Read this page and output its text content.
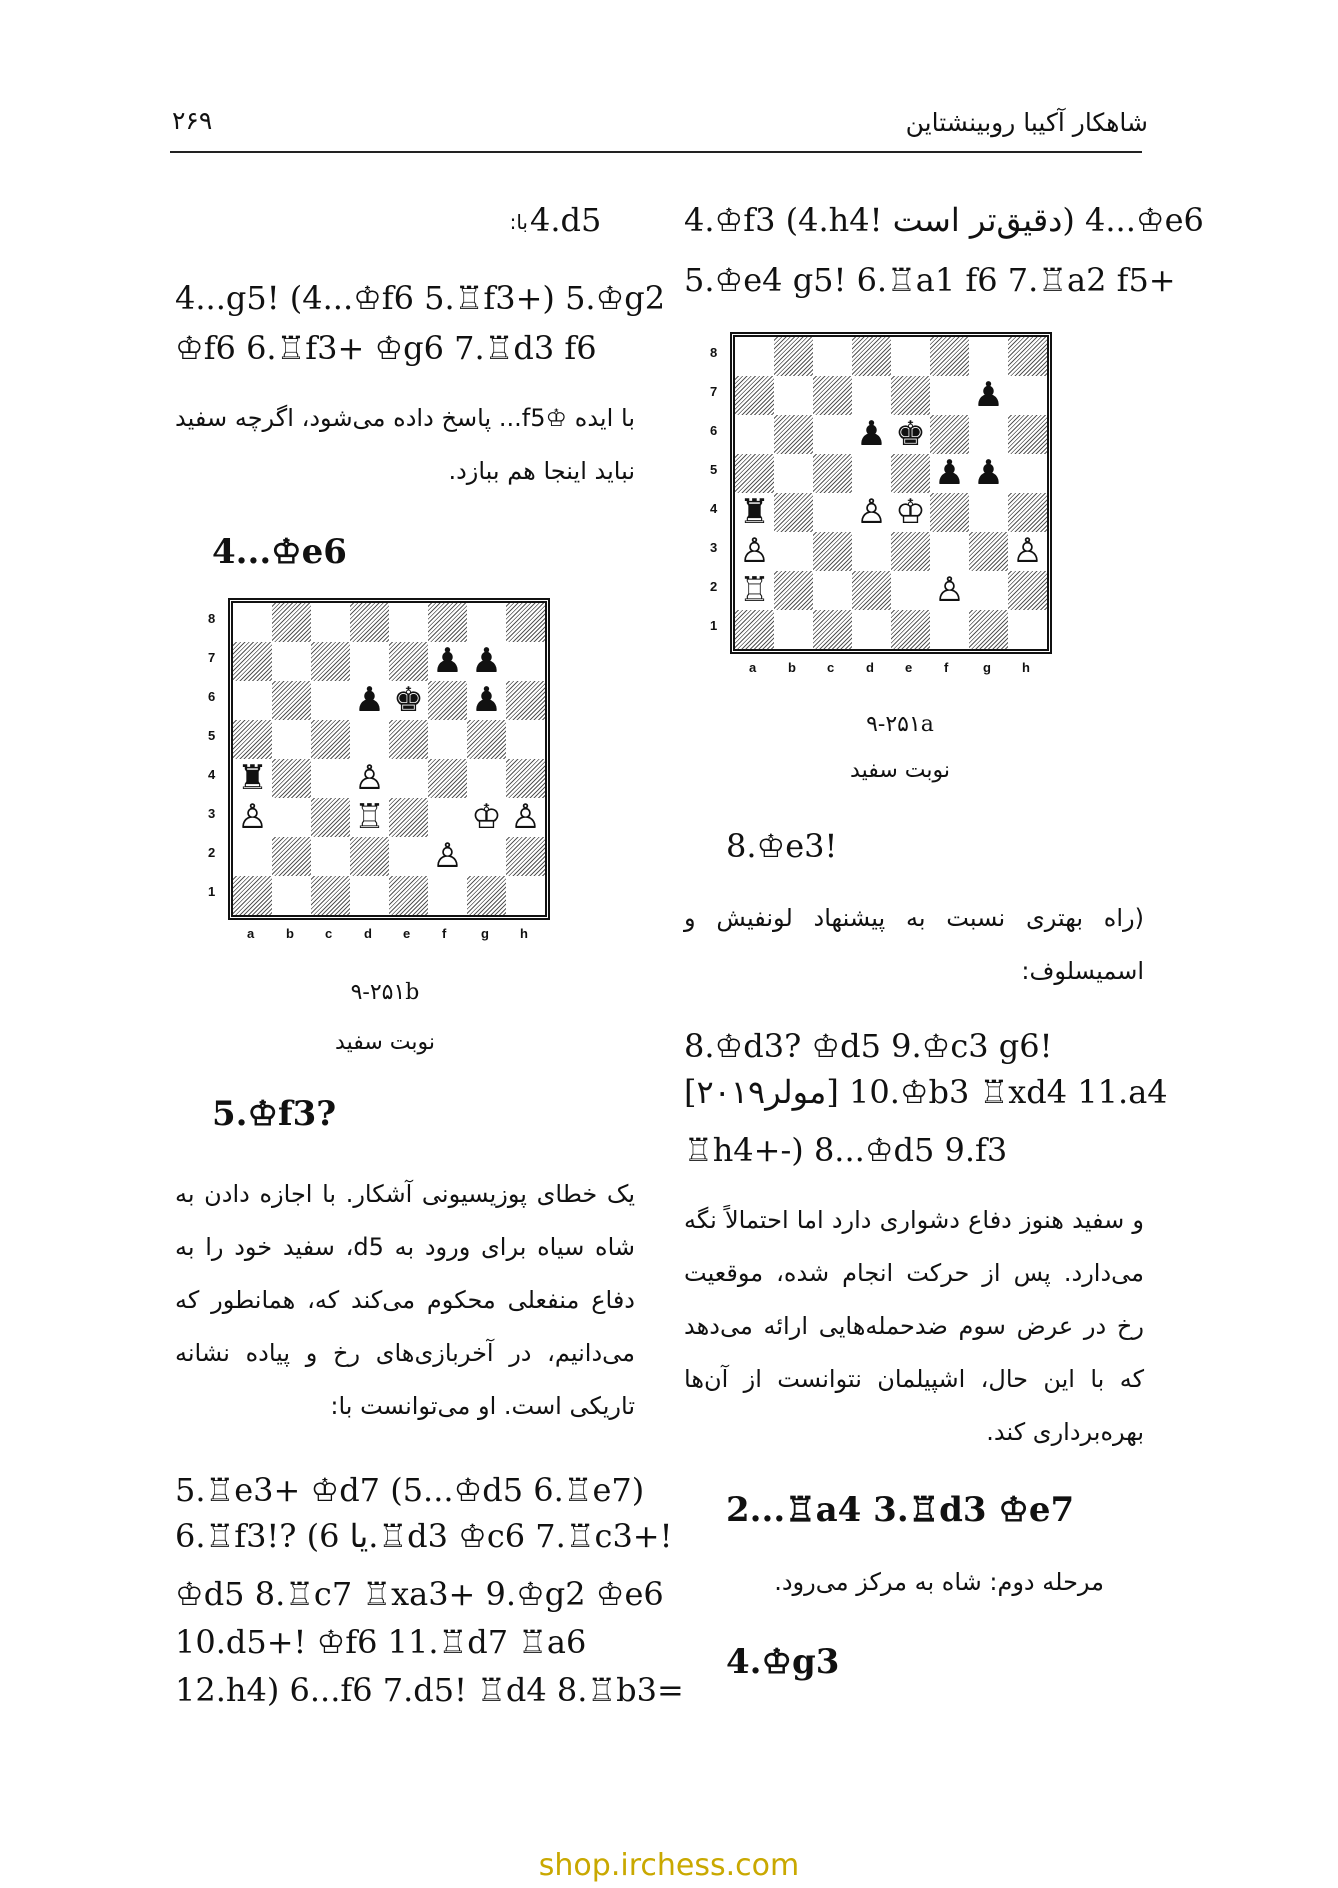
شاهکار آکیبا روبینشتاین
۲۶۹
4.♔f3 (4.h4! دقیق‌تر است) 4...♔e6
5.♔e4 g5! 6.♖a1 f6 7.♖a2 f5+
♟
♟ ♚
♟ ♟
♜	♙ ♔
♙	♙
♖	♙
8
7
6
5
4
3
2
1
a b c d e f	g h
۹-۲۵۱a
نوبت سفید
8.♔e3!
(راه بهتری نسبت به پیشنهاد لونفیش و اسمیسلوف:
8.♔d3? ♔d5 9.♔c3 g6!
[مولر۲۰۱۹] 10.♔b3 ♖xd4 11.a4
♖h4+-) 8...♔d5 9.f3
و سفید هنوز دفاع دشواری دارد اما احتمالاً نگه می‌دارد. پس از حرکت انجام شده، موقعیت رخ در عرض سوم ضدحمله‌هایی ارائه می‌دهد که با این حال، اشپیلمان نتوانست از آن‌ها بهره‌برداری کند.
2...♖a4 3.♖d3 ♔e7
مرحله دوم: شاه به مرکز می‌رود.
4.♔g3
4.d5
با:
4...g5! (4...♔f6 5.♖f3+) 5.♔g2
♔f6 6.♖f3+ ♔g6 7.♖d3 f6
با ایده ♔f5... پاسخ داده می‌شود، اگرچه سفید نباید اینجا هم ببازد.
4...♔e6
♟ ♟
♟ ♚ ♟
♜	♙
♙	♖	♔ ♙
♙
8
7
6
5
4
3
2
1
a b c d e f	g h
۹-۲۵۱b
نوبت سفید
5.♔f3?
یک خطای پوزیسیونی آشکار. با اجازه دادن به شاه سیاه برای ورود به d5، سفید خود را به دفاع منفعلی محکوم می‌کند که، همانطور که می‌دانیم، در آخربازی‌های رخ و پیاده نشانه تاریکی است. او می‌توانست با:
5.♖e3+ ♔d7 (5...♔d5 6.♖e7)
6.♖f3!? (یا 6.♖d3 ♔c6 7.♖c3+!
♔d5 8.♖c7 ♖xa3+ 9.♔g2 ♔e6
10.d5+! ♔f6 11.♖d7 ♖a6
12.h4) 6...f6 7.d5! ♖d4 8.♖b3=
shop.irchess.com
